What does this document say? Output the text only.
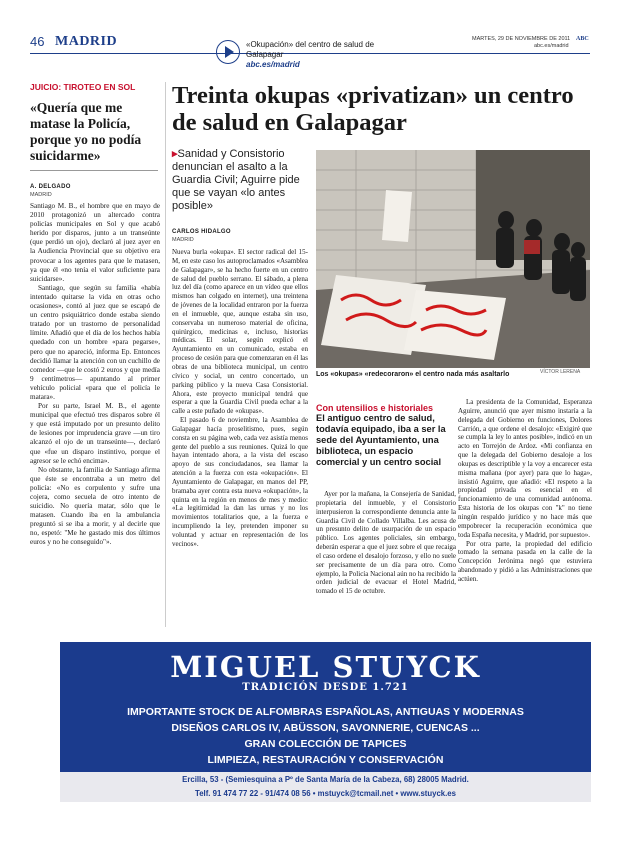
46 MADRID	MARTES, 29 DE NOVIEMBRE DE 2011 ABC
abc.es/madrid
«Okupación» del centro de salud de Galapagar
abc.es/madrid
JUICIO: TIROTEO EN SOL
«Quería que me matase la Policía, porque yo no podía suicidarme»
A. DELGADO
MADRID

Santiago M. B., el hombre que en mayo de 2010 protagonizó un altercado contra policías municipales en Sol y que acabó herido por disparos, junto a un transeúnte (que perdió un ojo), declaró al juez ayer en la Audiencia Provincial que su objetivo era provocar a los agentes para que le matasen, ya que él «no tenía el valor suficiente para suicidarse».

Santiago, que según su familia «había intentado quitarse la vida en otras ocho ocasiones», contó al juez que se escapó de un centro psiquiátrico donde estaba siendo tratado por un trastorno de personalidad límite. Añadió que el día de los hechos había quedado con un hombre «para pegarse», pero que no apareció, informa Ep. Entonces decidió llamar la atención con un cuchillo de comedor —que le costó 2 euros y que medía 9 centímetros— apuntando al primer vehículo policial «para que el policía le matara».

Por su parte, Israel M. B., el agente municipal que efectuó tres disparos sobre él y que está imputado por un presunto delito de lesiones por imprudencia grave —un tiro alcanzó el ojo de un transeúnte—, declaró que «fue un disparo instintivo, porque el agresor se le echó encima».

No obstante, la familia de Santiago afirma que éste se encontraba a un metro del policía: «No es corpulento y sufre una cojera, como secuela de otro intento de suicidio. No quería matar, sólo que le matasen. Cuando iba en la ambulancia preguntó si se iba a morir, y al decirle que no, espetó: "Me he gastado mis dos últimos euros y no he conseguido"».

Treinta okupas «privatizan» un centro de salud en Galapagar
▸Sanidad y Consistorio denuncian el asalto a la Guardia Civil; Aguirre pide que se vayan «lo antes posible»
CARLOS HIDALGO
MADRID

Nueva burla «okupa». El sector radical del 15-M, en este caso los autoproclamados «Asamblea de Galapagar», se ha hecho fuerte en un centro de salud del pueblo serrano. El sábado, a plena luz del día (como aparece en un vídeo que ellos mismos han colgado en internet), una treintena de jóvenes de la localidad entraron por la fuerza en el inmueble, que, aunque estaba sin uso, conservaba un numeroso material de oficina, quirúrgico, medicinas e, incluso, historias médicas. El solar, según explicó el Ayuntamiento en un comunicado, estaba en proceso de cesión para que comenzaran en él las obras de una biblioteca municipal, un centro cívico y social, un centro concertado, un parking público y la nueva Casa Consistorial. Ahora, este proyecto municipal tendrá que esperar a que la Guardia Civil pueda echar a la calle a este puñado de «okupas».

El pasado 6 de noviembre, la Asamblea de Galapagar hacía proselitismo, pues, según consta en su página web, cada vez asistía menos gente del pueblo a sus reuniones. Quizá lo que hayan intentado ahora, a la vista del escaso apoyo de sus conciudadanos, sea llamar la atención a la fuerza con esta «okupación». El Ayuntamiento de Galapagar, en manos del PP, bramaba ayer contra esta nueva «okupación», la quinta en la región en menos de mes y medio: «La legitimidad la dan las urnas y no los movimientos totalitarios que, a la fuerza e incumpliendo la ley, pretenden imponer su voluntad y actuar en representación de los vecinos».

VÍCTOR LERENA
Los «okupas» «redecoraron» el centro nada más asaltarlo
Con utensilios e historiales
El antiguo centro de salud, todavía equipado, iba a ser la sede del Ayuntamiento, una biblioteca, un espacio comercial y un centro social

Ayer por la mañana, la Consejería de Sanidad, propietaria del inmueble, y el Consistorio interpusieron la correspondiente denuncia ante la Guardia Civil de Collado Villalba. Les acusa de un presunto delito de usurpación de un espacio público. Los agentes policiales, sin embargo, deberán esperar a que el juez sobre el que recaiga el caso ordene el desalojo forzoso, y ello no suele ser precisamente de un día para otro. Como ejemplo, la Policía Nacional aún no ha recibido la orden judicial de evacuar el Hotel Madrid, tomado el 15 de octubre.

La presidenta de la Comunidad, Esperanza Aguirre, anunció que ayer mismo instaría a la delegada del Gobierno en funciones, Dolores Carrión, a que ordene el desalojo: «Exigiré que se cumpla la ley lo antes posible», indicó en un acto en Torrejón de Ardoz. «Mi confianza en que la delegada del Gobierno desaloje a los okupas es descriptible y la voy a encarecer esta misma mañana (por ayer) para que lo haga», insistió Aguirre, que añadió: «El respeto a la propiedad privada es esencial en el funcionamiento de una comunidad autónoma. Esta historia de los okupas con "k" no tiene ningún respaldo jurídico y no hace más que empobrecer la recuperación económica que toda España necesita, y Madrid, por supuesto».

Por otra parte, la propiedad del edificio tomado la semana pasada en la calle de la Concepción Jerónima negó que estuviera abandonado y pidió a las Administraciones que actúen.

MIGUEL STUYCK
TRADICIÓN DESDE 1.721
IMPORTANTE STOCK DE ALFOMBRAS ESPAÑOLAS, ANTIGUAS Y MODERNAS
DISEÑOS CARLOS IV, ABÜSSON, SAVONNERIE, CUENCAS ...
GRAN COLECCIÓN DE TAPICES
LIMPIEZA, RESTAURACIÓN Y CONSERVACIÓN
Ercilla, 53 - (Semiesquina a Pº de Santa María de la Cabeza, 68) 28005 Madrid.
Telf. 91 474 77 22 - 91/474 08 56 • mstuyck@tcmail.net • www.stuyck.es
